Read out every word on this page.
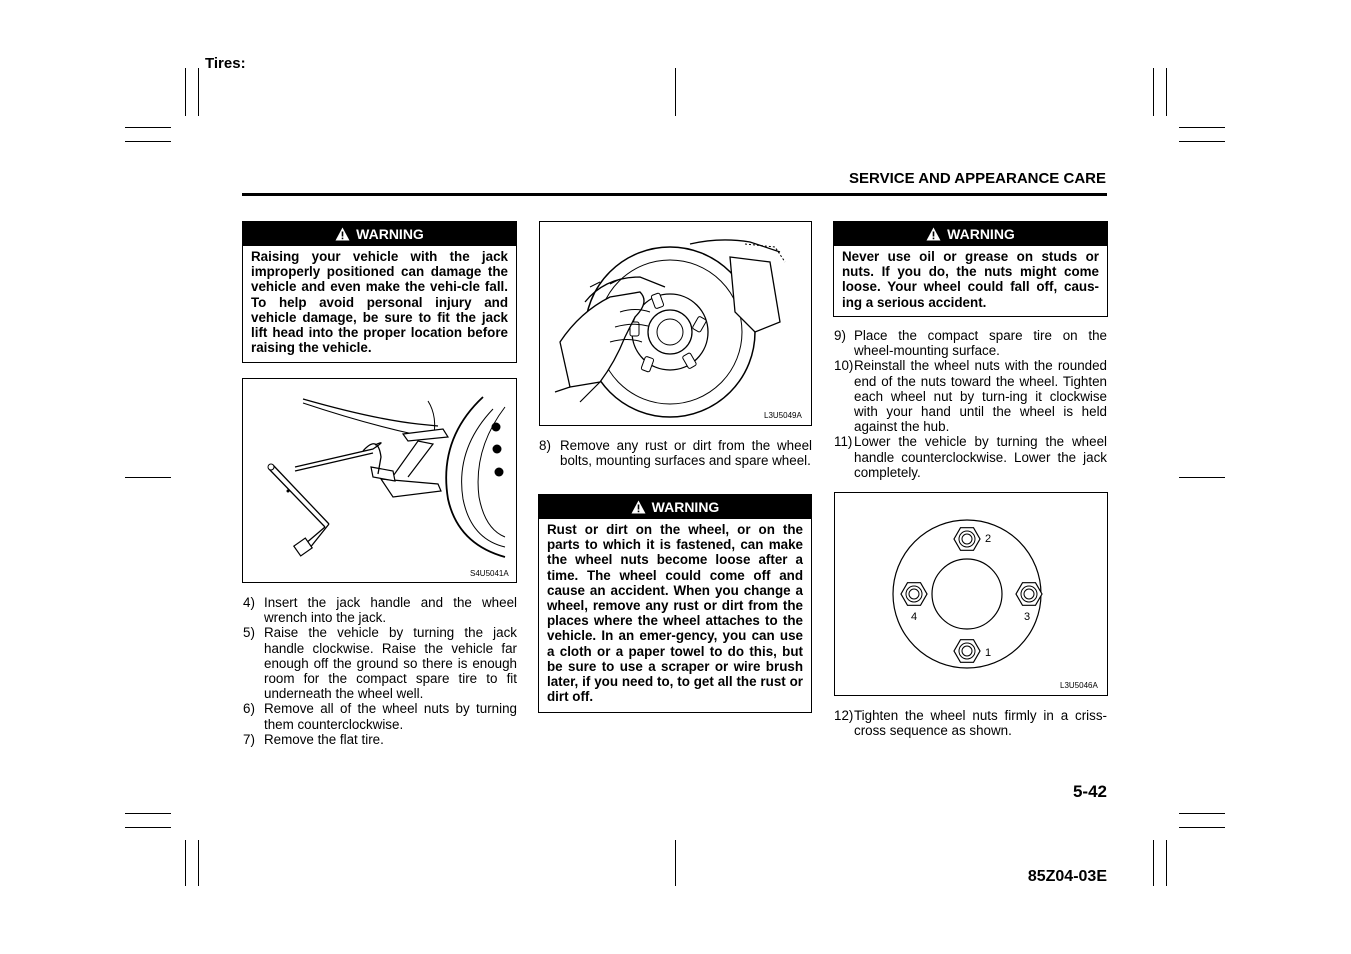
Tires:
SERVICE AND APPEARANCE CARE
WARNING
Raising your vehicle with the jack improperly positioned can damage the vehicle and even make the vehi-cle fall. To help avoid personal injury and vehicle damage, be sure to fit the jack lift head into the proper location before raising the vehicle.
S4U5041A
4) Insert the jack handle and the wheel wrench into the jack.
5) Raise the vehicle by turning the jack handle clockwise. Raise the vehicle far enough off the ground so there is enough room for the compact spare tire to fit underneath the wheel well.
6) Remove all of the wheel nuts by turning them counterclockwise.
7) Remove the flat tire.
L3U5049A
8) Remove any rust or dirt from the wheel bolts, mounting surfaces and spare wheel.
WARNING
Rust or dirt on the wheel, or on the parts to which it is fastened, can make the wheel nuts become loose after a time. The wheel could come off and cause an accident. When you change a wheel, remove any rust or dirt from the places where the wheel attaches to the vehicle. In an emer-gency, you can use a cloth or a paper towel to do this, but be sure to use a scraper or wire brush later, if you need to, to get all the rust or dirt off.
WARNING
Never use oil or grease on studs or nuts. If you do, the nuts might come loose. Your wheel could fall off, caus-ing a serious accident.
9) Place the compact spare tire on the wheel-mounting surface.
10) Reinstall the wheel nuts with the rounded end of the nuts toward the wheel. Tighten each wheel nut by turn-ing it clockwise with your hand until the wheel is held against the hub.
11) Lower the vehicle by turning the wheel handle counterclockwise. Lower the jack completely.
2
4	3
1
L3U5046A
12) Tighten the wheel nuts firmly in a criss-cross sequence as shown.
5-42
85Z04-03E
